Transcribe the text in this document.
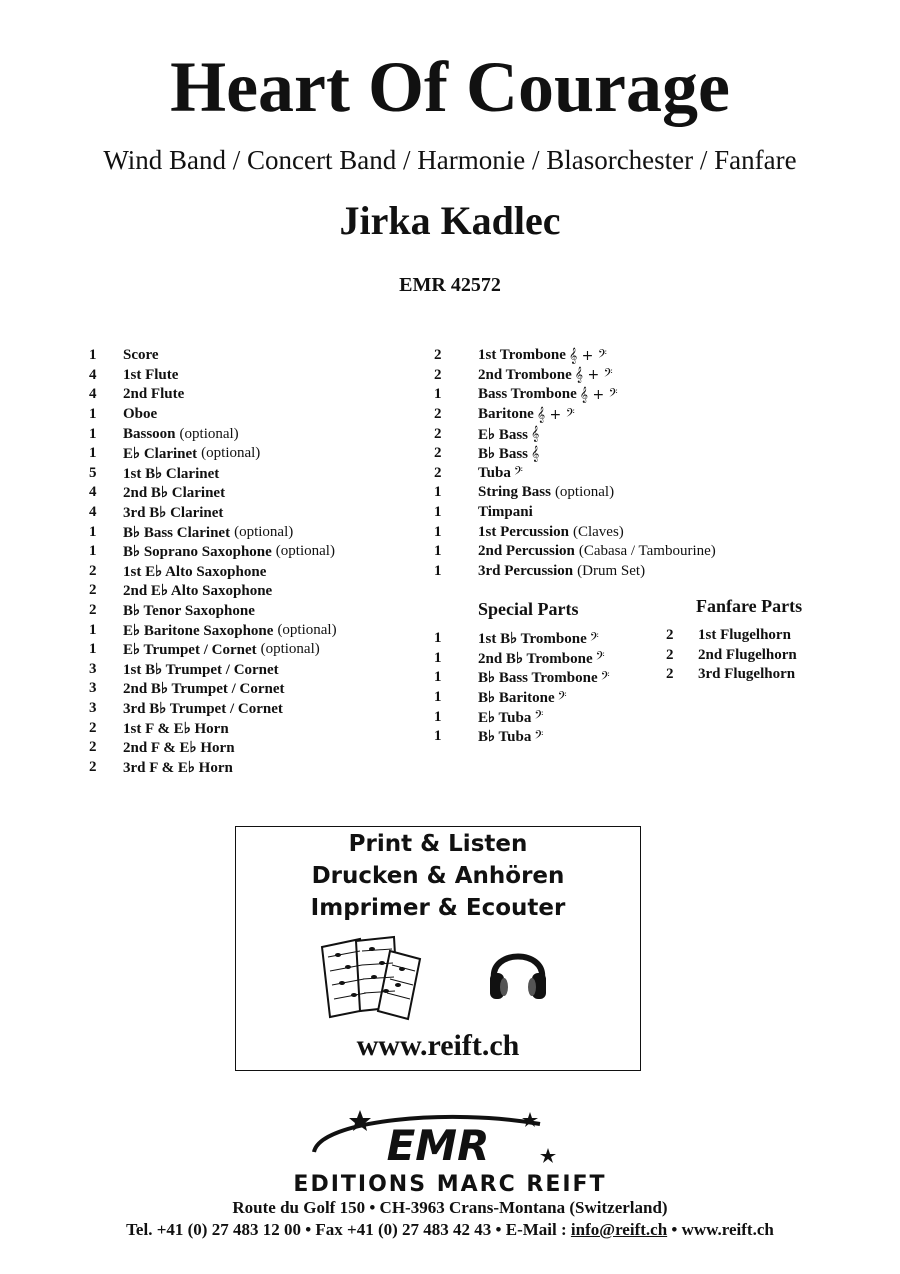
Heart Of Courage
Wind Band / Concert Band / Harmonie / Blasorchester / Fanfare
Jirka Kadlec
EMR 42572
1	Score
4	1st Flute
4	2nd Flute
1	Oboe
1	Bassoon (optional)
1	E♭ Clarinet (optional)
5	1st B♭ Clarinet
4	2nd B♭ Clarinet
4	3rd B♭ Clarinet
1	B♭ Bass Clarinet (optional)
1	B♭ Soprano Saxophone (optional)
2	1st E♭ Alto Saxophone
2	2nd E♭ Alto Saxophone
2	B♭ Tenor Saxophone
1	E♭ Baritone Saxophone (optional)
1	E♭ Trumpet / Cornet (optional)
3	1st B♭ Trumpet / Cornet
3	2nd B♭ Trumpet / Cornet
3	3rd B♭ Trumpet / Cornet
2	1st F & E♭ Horn
2	2nd F & E♭ Horn
2	3rd F & E♭ Horn
2	1st Trombone 𝄞 + 𝄢
2	2nd Trombone 𝄞 + 𝄢
1	Bass Trombone 𝄞 + 𝄢
2	Baritone 𝄞 + 𝄢
2	E♭ Bass 𝄞
2	B♭ Bass 𝄞
2	Tuba 𝄢
1	String Bass (optional)
1	Timpani
1	1st Percussion (Claves)
1	2nd Percussion (Cabasa / Tambourine)
1	3rd Percussion (Drum Set)
Special Parts
1	1st B♭ Trombone 𝄢
1	2nd B♭ Trombone 𝄢
1	B♭ Bass Trombone 𝄢
1	B♭ Baritone 𝄢
1	E♭ Tuba 𝄢
1	B♭ Tuba 𝄢
Fanfare Parts
2	1st Flugelhorn
2	2nd Flugelhorn
2	3rd Flugelhorn
Print & Listen
Drucken & Anhören
Imprimer & Ecouter
www.reift.ch
EMR
EDITIONS MARC REIFT
Route du Golf 150 • CH-3963 Crans-Montana (Switzerland)
Tel. +41 (0) 27 483 12 00 • Fax +41 (0) 27 483 42 43 • E-Mail : info@reift.ch • www.reift.ch
